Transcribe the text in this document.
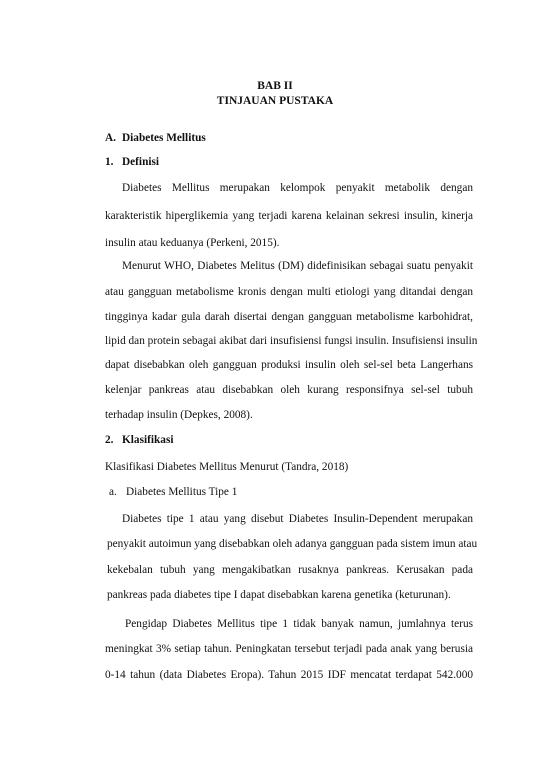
BAB II
TINJAUAN PUSTAKA
A. Diabetes Mellitus
1. Definisi
Diabetes Mellitus merupakan kelompok penyakit metabolik dengan
karakteristik hiperglikemia yang terjadi karena kelainan sekresi insulin, kinerja
insulin atau keduanya (Perkeni, 2015).
Menurut WHO, Diabetes Melitus (DM) didefinisikan sebagai suatu penyakit
atau gangguan metabolisme kronis dengan multi etiologi yang ditandai dengan
tingginya kadar gula darah disertai dengan gangguan metabolisme karbohidrat,
lipid dan protein sebagai akibat dari insufisiensi fungsi insulin. Insufisiensi insulin
dapat disebabkan oleh gangguan produksi insulin oleh sel-sel beta Langerhans
kelenjar pankreas atau disebabkan oleh kurang responsifnya sel-sel tubuh
terhadap insulin (Depkes, 2008).
2. Klasifikasi
Klasifikasi Diabetes Mellitus Menurut (Tandra, 2018)
a. Diabetes Mellitus Tipe 1
Diabetes tipe 1 atau yang disebut Diabetes Insulin-Dependent merupakan
penyakit autoimun yang disebabkan oleh adanya gangguan pada sistem imun atau
kekebalan tubuh yang mengakibatkan rusaknya pankreas. Kerusakan pada
pankreas pada diabetes tipe I dapat disebabkan karena genetika (keturunan).
Pengidap Diabetes Mellitus tipe 1 tidak banyak namun, jumlahnya terus
meningkat 3% setiap tahun. Peningkatan tersebut terjadi pada anak yang berusia
0-14 tahun (data Diabetes Eropa). Tahun 2015 IDF mencatat terdapat 542.000
